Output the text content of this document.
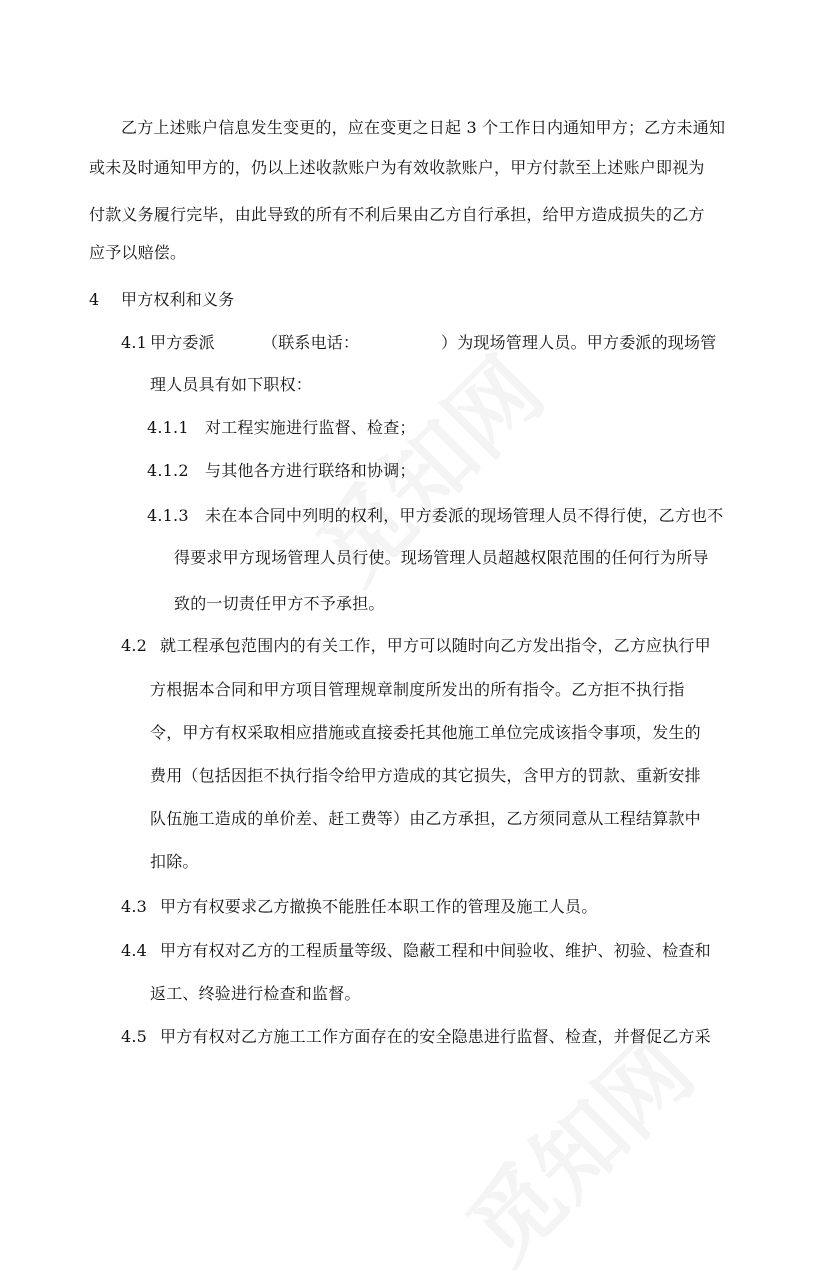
乙方上述账户信息发生变更的，应在变更之日起 3 个工作日内通知甲方；乙方未通知
或未及时通知甲方的，仍以上述收款账户为有效收款账户，甲方付款至上述账户即视为
付款义务履行完毕，由此导致的所有不利后果由乙方自行承担，给甲方造成损失的乙方
应予以赔偿。
4 甲方权利和义务
4.1 甲方委派	（联系电话：	）为现场管理人员。甲方委派的现场管
理人员具有如下职权：
4.1.1 对工程实施进行监督、检查；
4.1.2 与其他各方进行联络和协调；
4.1.3 未在本合同中列明的权利，甲方委派的现场管理人员不得行使，乙方也不
得要求甲方现场管理人员行使。现场管理人员超越权限范围的任何行为所导
致的一切责任甲方不予承担。
4.2 就工程承包范围内的有关工作，甲方可以随时向乙方发出指令，乙方应执行甲
方根据本合同和甲方项目管理规章制度所发出的所有指令。乙方拒不执行指
令，甲方有权采取相应措施或直接委托其他施工单位完成该指令事项，发生的
费用（包括因拒不执行指令给甲方造成的其它损失，含甲方的罚款、重新安排
队伍施工造成的单价差、赶工费等）由乙方承担，乙方须同意从工程结算款中
扣除。
4.3 甲方有权要求乙方撤换不能胜任本职工作的管理及施工人员。
4.4 甲方有权对乙方的工程质量等级、隐蔽工程和中间验收、维护、初验、检查和
返工、终验进行检查和监督。
4.5 甲方有权对乙方施工工作方面存在的安全隐患进行监督、检查，并督促乙方采
